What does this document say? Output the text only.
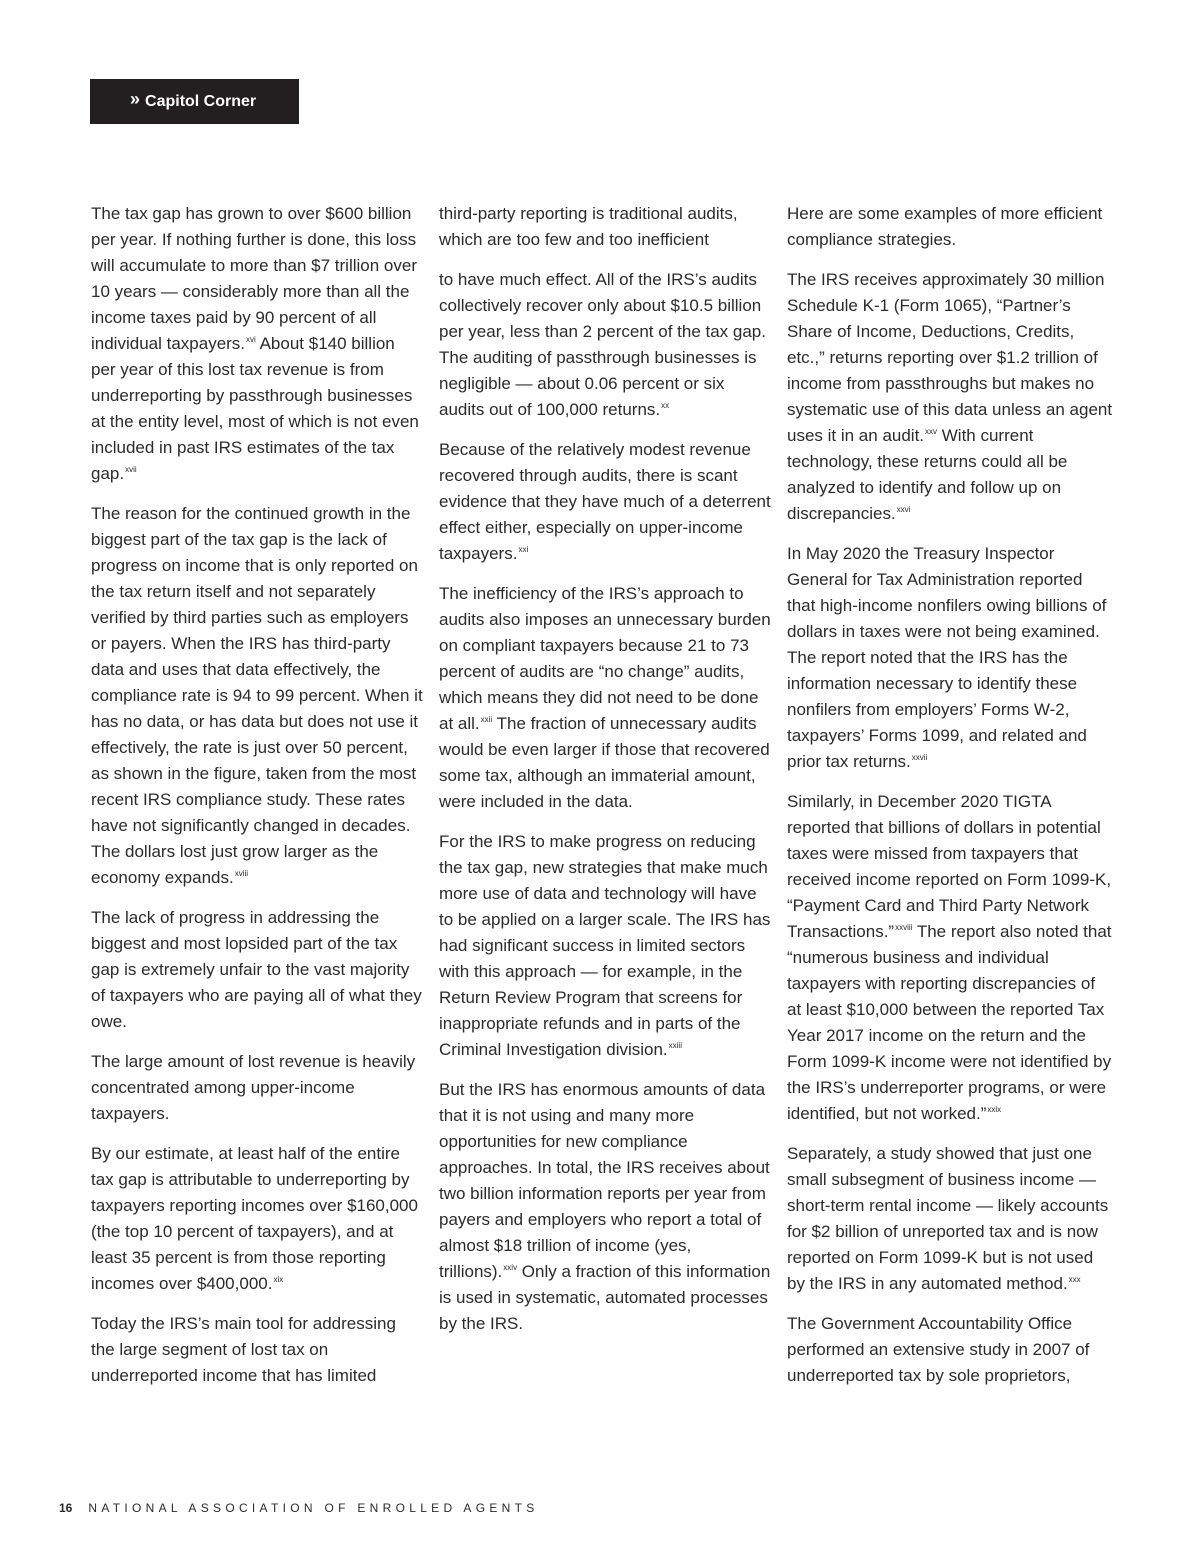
» Capitol Corner

The tax gap has grown to over $600 billion per year. If nothing further is done, this loss will accumulate to more than $7 trillion over 10 years — considerably more than all the income taxes paid by 90 percent of all individual taxpayers.$^{xvi}$ About $140 billion per year of this lost tax revenue is from underreporting by passthrough businesses at the entity level, most of which is not even included in past IRS estimates of the tax gap.$^{xvii}$

The reason for the continued growth in the biggest part of the tax gap is the lack of progress on income that is only reported on the tax return itself and not separately verified by third parties such as employers or payers. When the IRS has third-party data and uses that data effectively, the compliance rate is 94 to 99 percent. When it has no data, or has data but does not use it effectively, the rate is just over 50 percent, as shown in the figure, taken from the most recent IRS compliance study. These rates have not significantly changed in decades. The dollars lost just grow larger as the economy expands.$^{xviii}$

The lack of progress in addressing the biggest and most lopsided part of the tax gap is extremely unfair to the vast majority of taxpayers who are paying all of what they owe.

The large amount of lost revenue is heavily concentrated among upper-income taxpayers.

By our estimate, at least half of the entire tax gap is attributable to underreporting by taxpayers reporting incomes over $160,000 (the top 10 percent of taxpayers), and at least 35 percent is from those reporting incomes over $400,000.$^{xix}$

Today the IRS’s main tool for addressing the large segment of lost tax on underreported income that has limited

third-party reporting is traditional audits, which are too few and too inefficient

to have much effect. All of the IRS’s audits collectively recover only about $10.5 billion per year, less than 2 percent of the tax gap. The auditing of passthrough businesses is negligible — about 0.06 percent or six audits out of 100,000 returns.$^{xx}$

Because of the relatively modest revenue recovered through audits, there is scant evidence that they have much of a deterrent effect either, especially on upper-income taxpayers.$^{xxi}$

The inefficiency of the IRS’s approach to audits also imposes an unnecessary burden on compliant taxpayers because 21 to 73 percent of audits are “no change” audits, which means they did not need to be done at all.$^{xxii}$ The fraction of unnecessary audits would be even larger if those that recovered some tax, although an immaterial amount, were included in the data.

For the IRS to make progress on reducing the tax gap, new strategies that make much more use of data and technology will have to be applied on a larger scale. The IRS has had significant success in limited sectors with this approach — for example, in the Return Review Program that screens for inappropriate refunds and in parts of the Criminal Investigation division.$^{xxiii}$

But the IRS has enormous amounts of data that it is not using and many more opportunities for new compliance approaches. In total, the IRS receives about two billion information reports per year from payers and employers who report a total of almost $18 trillion of income (yes, trillions).$^{xxiv}$ Only a fraction of this information is used in systematic, automated processes by the IRS.

Here are some examples of more efficient compliance strategies.

The IRS receives approximately 30 million Schedule K-1 (Form 1065), “Partner’s Share of Income, Deductions, Credits, etc.,” returns reporting over $1.2 trillion of income from passthroughs but makes no systematic use of this data unless an agent uses it in an audit.$^{xxv}$ With current technology, these returns could all be analyzed to identify and follow up on discrepancies.$^{xxvi}$

In May 2020 the Treasury Inspector General for Tax Administration reported that high-income nonfilers owing billions of dollars in taxes were not being examined. The report noted that the IRS has the information necessary to identify these nonfilers from employers’ Forms W-2, taxpayers’ Forms 1099, and related and prior tax returns.$^{xxvii}$

Similarly, in December 2020 TIGTA reported that billions of dollars in potential taxes were missed from taxpayers that received income reported on Form 1099-K, “Payment Card and Third Party Network Transactions.”$^{xxviii}$ The report also noted that “numerous business and individual taxpayers with reporting discrepancies of at least $10,000 between the reported Tax Year 2017 income on the return and the Form 1099-K income were not identified by the IRS’s underreporter programs, or were identified, but not worked.”$^{xxix}$

Separately, a study showed that just one small subsegment of business income — short-term rental income — likely accounts for $2 billion of unreported tax and is now reported on Form 1099-K but is not used by the IRS in any automated method.$^{xxx}$

The Government Accountability Office performed an extensive study in 2007 of underreported tax by sole proprietors,

16 NATIONAL ASSOCIATION OF ENROLLED AGENTS
